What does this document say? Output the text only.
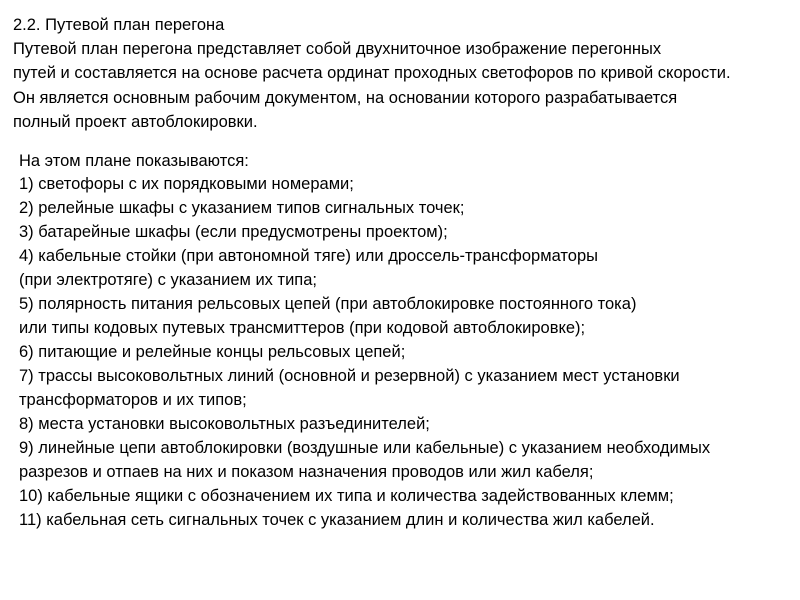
2.2. Путевой план перегона
Путевой план перегона представляет собой двухниточное изображение перегонных
путей и составляется на основе расчета ординат проходных светофоров по кривой скорости.
Он является основным рабочим документом, на основании которого разрабатывается
полный проект автоблокировки.
На этом плане показываются:
1) светофоры с их порядковыми номерами;
2) релейные шкафы с указанием типов сигнальных точек;
3) батарейные шкафы (если предусмотрены проектом);
4) кабельные стойки (при автономной тяге) или дроссель-трансформаторы
(при электротяге) с указанием их типа;
5) полярность питания рельсовых цепей (при автоблокировке постоянного тока)
или типы кодовых путевых трансмиттеров (при кодовой автоблокировке);
6) питающие и релейные концы рельсовых цепей;
7) трассы высоковольтных линий (основной и резервной) с указанием мест установки
трансформаторов и их типов;
8) места установки высоковольтных разъединителей;
9) линейные цепи автоблокировки (воздушные или кабельные) с указанием необходимых
разрезов и отпаев на них и показом назначения проводов или жил кабеля;
10) кабельные ящики с обозначением их типа и количества задействованных клемм;
11) кабельная сеть сигнальных точек с указанием длин и количества жил кабелей.
